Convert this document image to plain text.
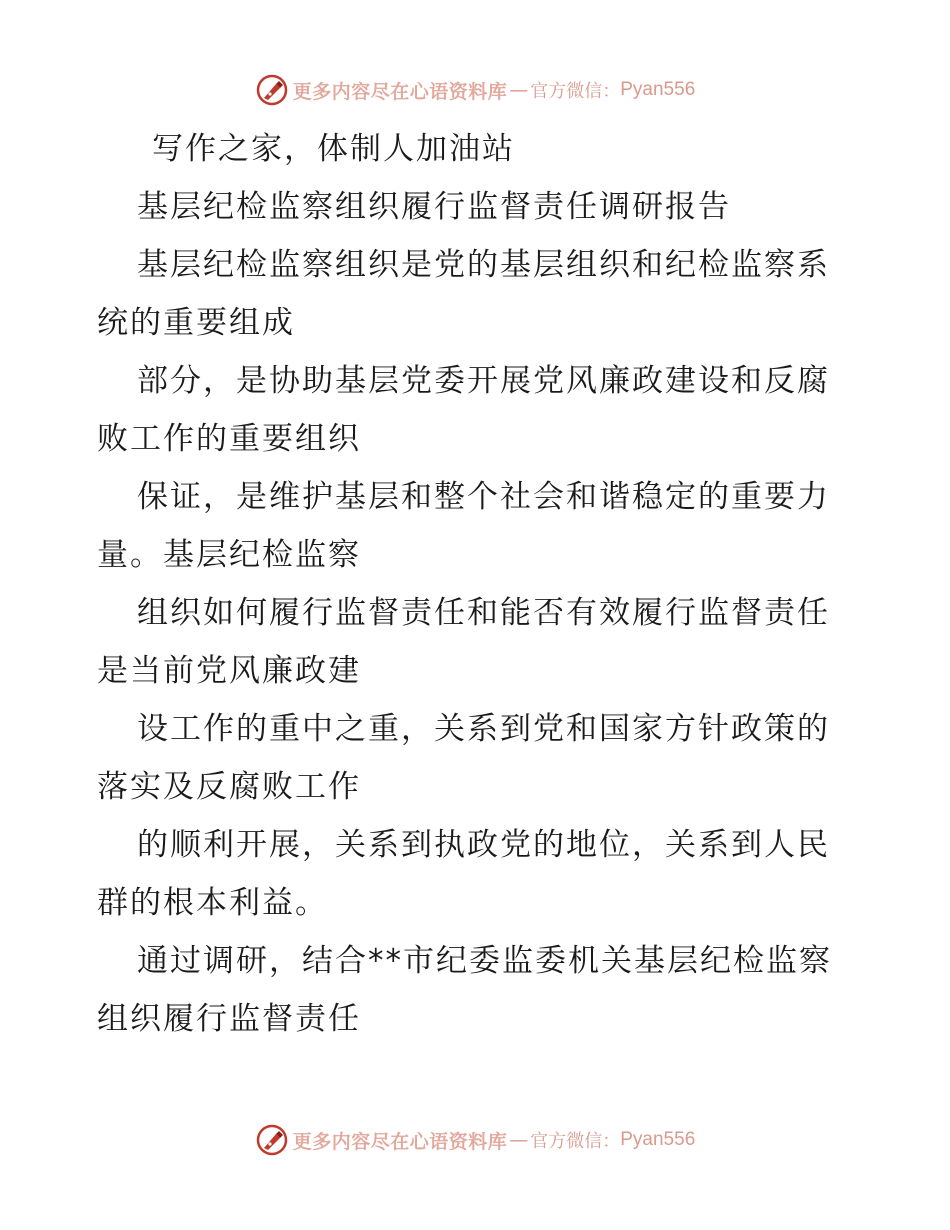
更多内容尽在心语资料库 — 官方微信： Pyan556

写作之家，体制人加油站

基层纪检监察组织履行监督责任调研报告

基层纪检监察组织是党的基层组织和纪检监察系统的重要组成

部分，是协助基层党委开展党风廉政建设和反腐败工作的重要组织

保证，是维护基层和整个社会和谐稳定的重要力量。基层纪检监察

组织如何履行监督责任和能否有效履行监督责任是当前党风廉政建

设工作的重中之重，关系到党和国家方针政策的落实及反腐败工作

的顺利开展，关系到执政党的地位，关系到人民群的根本利益。

通过调研，结合**市纪委监委机关基层纪检监察组织履行监督责任

更多内容尽在心语资料库 — 官方微信： Pyan556
